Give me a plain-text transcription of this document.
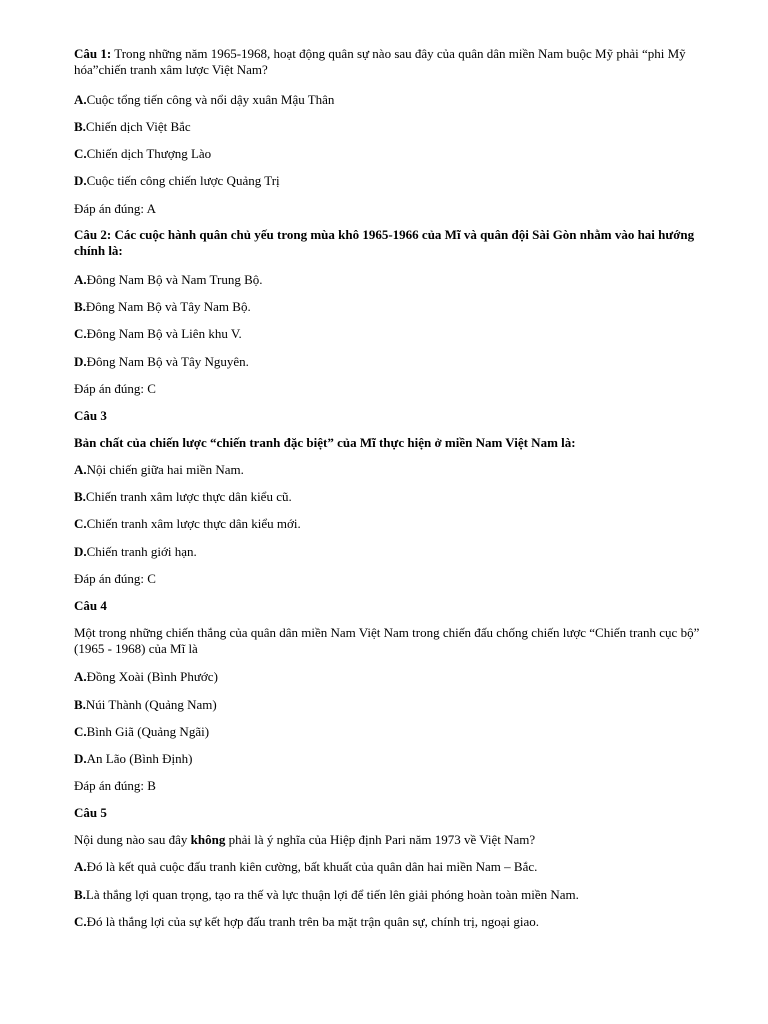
Câu 1: Trong những năm 1965-1968, hoạt động quân sự nào sau đây của quân dân miền Nam buộc Mỹ phải “phi Mỹ hóa”chiến tranh xâm lược Việt Nam?
A.Cuộc tổng tiến công và nổi dậy xuân Mậu Thân
B.Chiến dịch Việt Bắc
C.Chiến dịch Thượng Lào
D.Cuộc tiến công chiến lược Quảng Trị
Đáp án đúng: A
Câu 2: Các cuộc hành quân chủ yếu trong mùa khô 1965-1966 của Mĩ và quân đội Sài Gòn nhằm vào hai hướng chính là:
A.Đông Nam Bộ và Nam Trung Bộ.
B.Đông Nam Bộ và Tây Nam Bộ.
C.Đông Nam Bộ và Liên khu V.
D.Đông Nam Bộ và Tây Nguyên.
Đáp án đúng: C
Câu 3
Bản chất của chiến lược “chiến tranh đặc biệt” của Mĩ thực hiện ở miền Nam Việt Nam là:
A.Nội chiến giữa hai miền Nam.
B.Chiến tranh xâm lược thực dân kiểu cũ.
C.Chiến tranh xâm lược thực dân kiểu mới.
D.Chiến tranh giới hạn.
Đáp án đúng: C
Câu 4
Một trong những chiến thắng của quân dân miền Nam Việt Nam trong chiến đấu chống chiến lược “Chiến tranh cục bộ” (1965 - 1968) của Mĩ là
A.Đồng Xoài (Bình Phước)
B.Núi Thành (Quảng Nam)
C.Bình Giã (Quảng Ngãi)
D.An Lão (Bình Định)
Đáp án đúng: B
Câu 5
Nội dung nào sau đây không phải là ý nghĩa của Hiệp định Pari năm 1973 về Việt Nam?
A.Đó là kết quả cuộc đấu tranh kiên cường, bất khuất của quân dân hai miền Nam – Bắc.
B.Là thắng lợi quan trọng, tạo ra thế và lực thuận lợi để tiến lên giải phóng hoàn toàn miền Nam.
C.Đó là thắng lợi của sự kết hợp đấu tranh trên ba mặt trận quân sự, chính trị, ngoại giao.
